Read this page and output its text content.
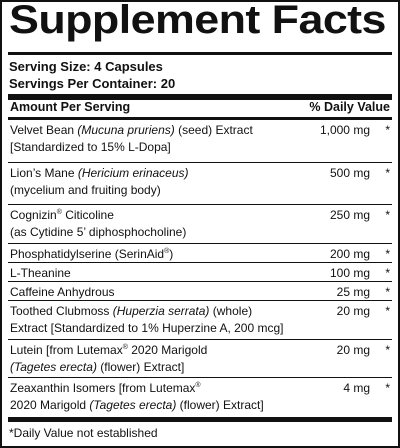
Supplement Facts
Serving Size: 4 Capsules
Servings Per Container: 20
Amount Per Serving	% Daily Value
Velvet Bean (Mucuna pruriens) (seed) Extract
[Standardized to 15% L-Dopa]
1,000 mg *
Lion’s Mane (Hericium erinaceus)
(mycelium and fruiting body)
500 mg *
Cognizin® Citicoline
(as Cytidine 5’ diphosphocholine)
250 mg *
Phosphatidylserine (SerinAid®)	200 mg *
L-Theanine	100 mg *
Caffeine Anhydrous	25 mg *
Toothed Clubmoss (Huperzia serrata) (whole)
Extract [Standardized to 1% Huperzine A, 200 mcg]
20 mg *
Lutein [from Lutemax® 2020 Marigold
(Tagetes erecta) (flower) Extract]
20 mg *
Zeaxanthin Isomers [from Lutemax®
2020 Marigold (Tagetes erecta) (flower) Extract]
4 mg *
*Daily Value not established
